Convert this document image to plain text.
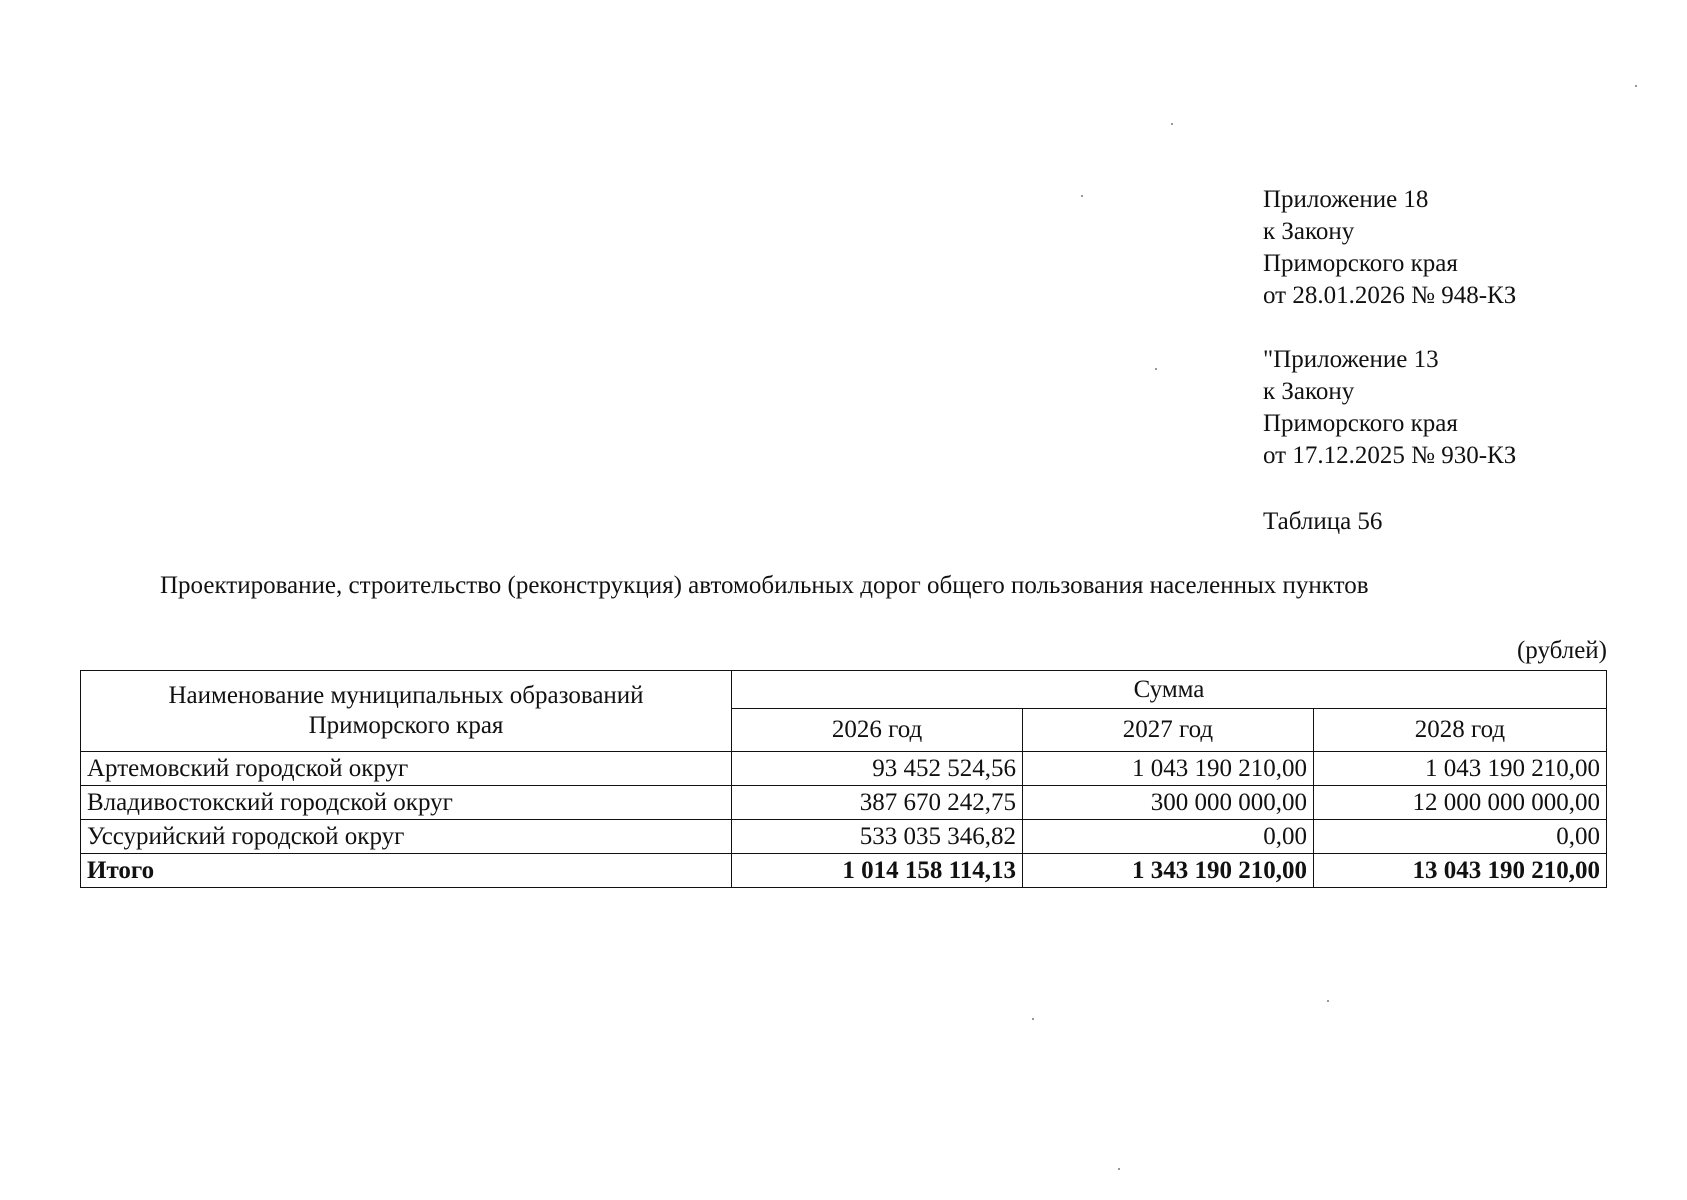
Приложение 18
к Закону
Приморского края
от 28.01.2026 № 948-КЗ
"Приложение 13
к Закону
Приморского края
от 17.12.2025 № 930-КЗ
Таблица 56
Проектирование, строительство (реконструкция) автомобильных дорог общего пользования населенных пунктов
(рублей)
Наименование муниципальных образований
Приморского края	Сумма		
	2026 год	2027 год	2028 год
Артемовский городской округ	93 452 524,56	1 043 190 210,00	1 043 190 210,00
Владивостокский городской округ	387 670 242,75	300 000 000,00	12 000 000 000,00
Уссурийский городской округ	533 035 346,82	0,00	0,00
Итого	1 014 158 114,13	1 343 190 210,00	13 043 190 210,00
